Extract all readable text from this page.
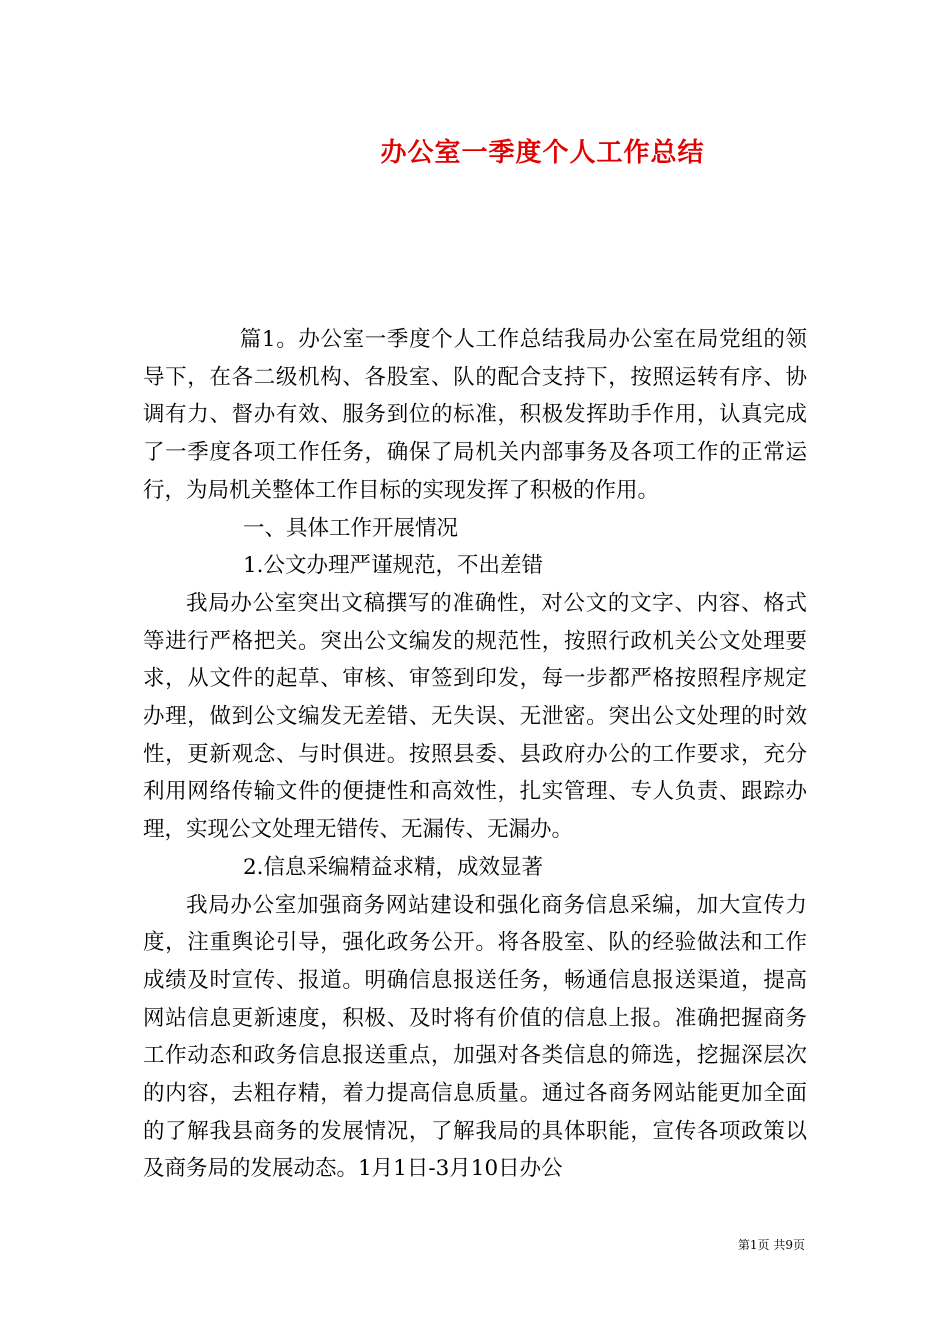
办公室一季度个人工作总结

篇1。办公室一季度个人工作总结我局办公室在局党组的领导下，在各二级机构、各股室、队的配合支持下，按照运转有序、协调有力、督办有效、服务到位的标准，积极发挥助手作用，认真完成了一季度各项工作任务，确保了局机关内部事务及各项工作的正常运行，为局机关整体工作目标的实现发挥了积极的作用。

一、具体工作开展情况

1.公文办理严谨规范，不出差错

我局办公室突出文稿撰写的准确性，对公文的文字、内容、格式等进行严格把关。突出公文编发的规范性，按照行政机关公文处理要求，从文件的起草、审核、审签到印发，每一步都严格按照程序规定办理，做到公文编发无差错、无失误、无泄密。突出公文处理的时效性，更新观念、与时俱进。按照县委、县政府办公的工作要求，充分利用网络传输文件的便捷性和高效性，扎实管理、专人负责、跟踪办理，实现公文处理无错传、无漏传、无漏办。

2.信息采编精益求精，成效显著

我局办公室加强商务网站建设和强化商务信息采编，加大宣传力度，注重舆论引导，强化政务公开。将各股室、队的经验做法和工作成绩及时宣传、报道。明确信息报送任务，畅通信息报送渠道，提高网站信息更新速度，积极、及时将有价值的信息上报。准确把握商务工作动态和政务信息报送重点，加强对各类信息的筛选，挖掘深层次的内容，去粗存精，着力提高信息质量。通过各商务网站能更加全面的了解我县商务的发展情况，了解我局的具体职能，宣传各项政策以及商务局的发展动态。1月1日-3月10日办公

第1页 共9页
